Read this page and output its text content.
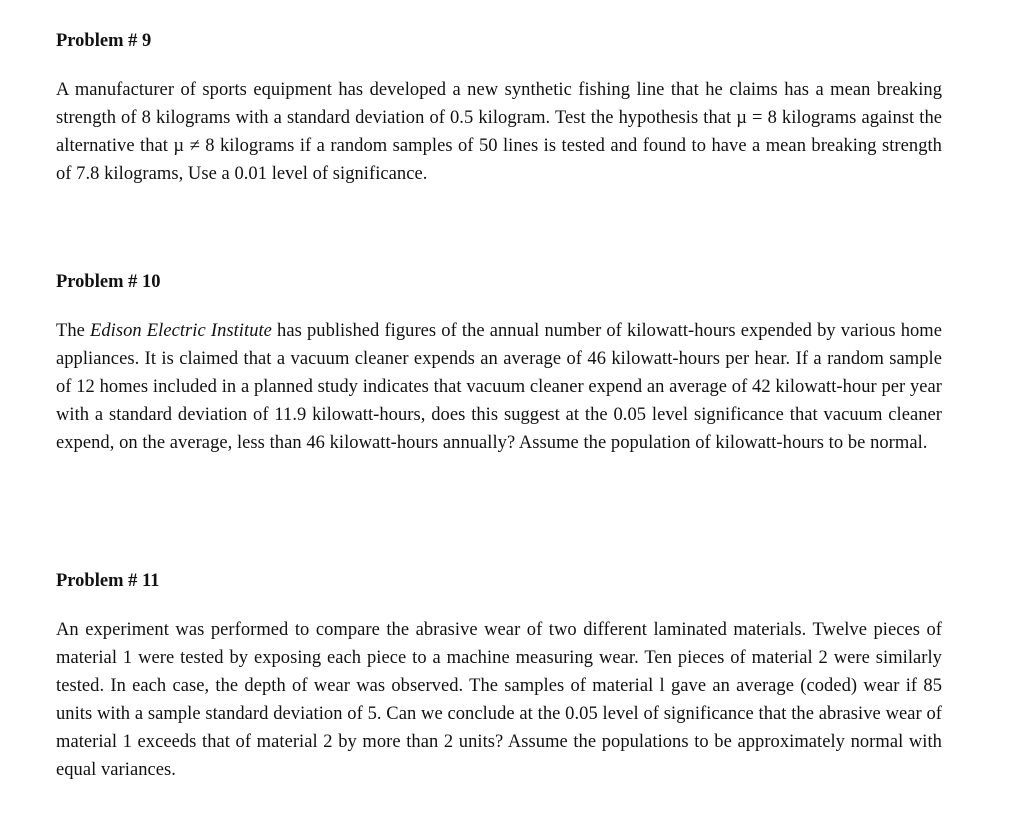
Problem # 9

A manufacturer of sports equipment has developed a new synthetic fishing line that he claims has a mean breaking strength of 8 kilograms with a standard deviation of 0.5 kilogram. Test the hypothesis that µ = 8 kilograms against the alternative that µ ≠ 8 kilograms if a random samples of 50 lines is tested and found to have a mean breaking strength of 7.8 kilograms, Use a 0.01 level of significance.

Problem # 10

The Edison Electric Institute has published figures of the annual number of kilowatt-hours expended by various home appliances. It is claimed that a vacuum cleaner expends an average of 46 kilowatt-hours per hear. If a random sample of 12 homes included in a planned study indicates that vacuum cleaner expend an average of 42 kilowatt-hour per year with a standard deviation of 11.9 kilowatt-hours, does this suggest at the 0.05 level significance that vacuum cleaner expend, on the average, less than 46 kilowatt-hours annually? Assume the population of kilowatt-hours to be normal.

Problem # 11

An experiment was performed to compare the abrasive wear of two different laminated materials. Twelve pieces of material 1 were tested by exposing each piece to a machine measuring wear. Ten pieces of material 2 were similarly tested. In each case, the depth of wear was observed. The samples of material l gave an average (coded) wear if 85 units with a sample standard deviation of 5. Can we conclude at the 0.05 level of significance that the abrasive wear of material 1 exceeds that of material 2 by more than 2 units? Assume the populations to be approximately normal with equal variances.
